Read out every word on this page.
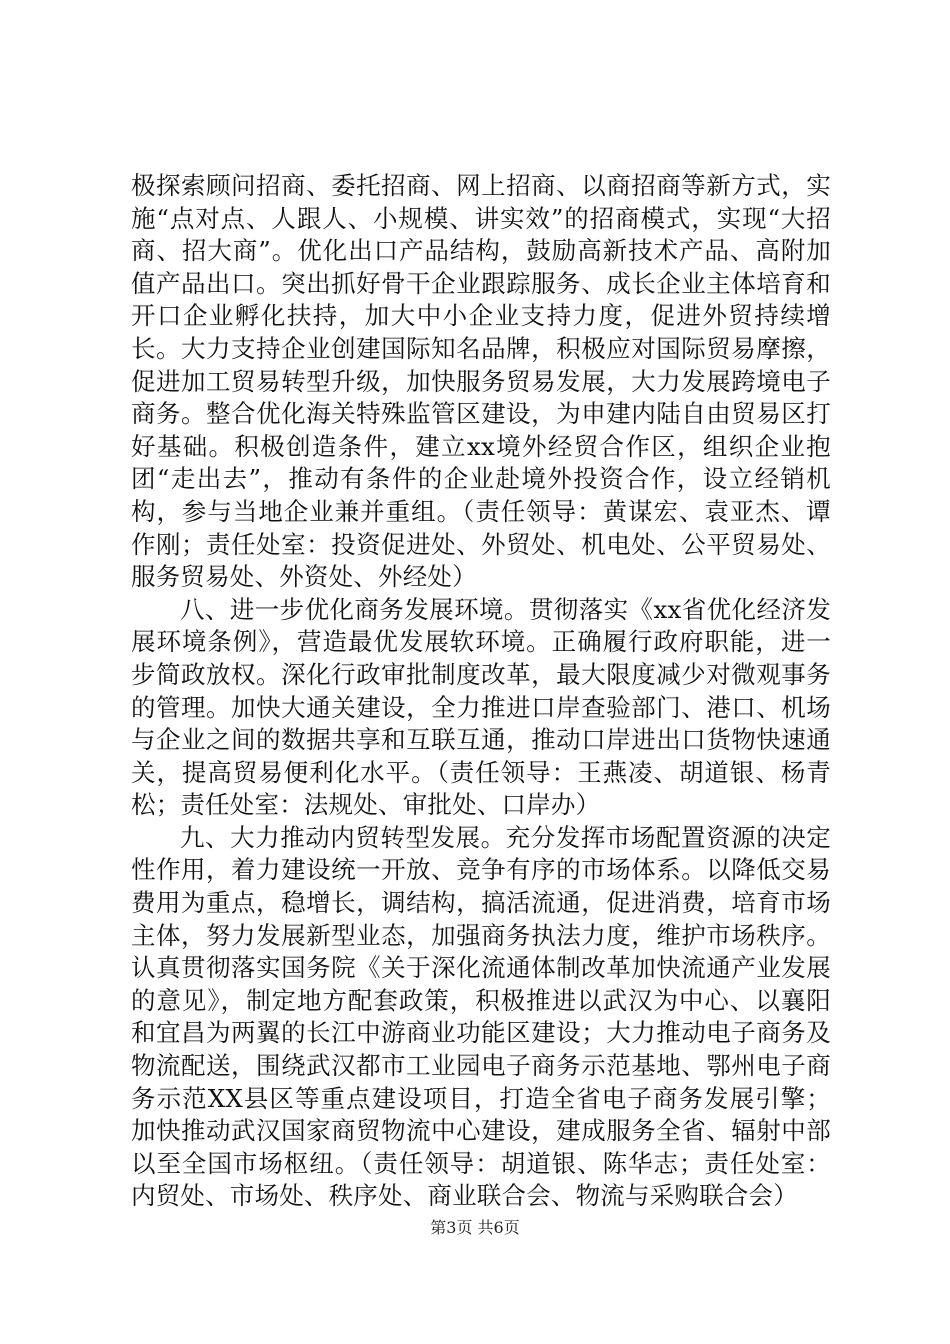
极探索顾问招商、委托招商、网上招商、以商招商等新方式，实施“点对点、人跟人、小规模、讲实效”的招商模式，实现“大招商、招大商”。优化出口产品结构，鼓励高新技术产品、高附加值产品出口。突出抓好骨干企业跟踪服务、成长企业主体培育和开口企业孵化扶持，加大中小企业支持力度，促进外贸持续增长。大力支持企业创建国际知名品牌，积极应对国际贸易摩擦，促进加工贸易转型升级，加快服务贸易发展，大力发展跨境电子商务。整合优化海关特殊监管区建设，为申建内陆自由贸易区打好基础。积极创造条件，建立xx境外经贸合作区，组织企业抱团“走出去”，推动有条件的企业赴境外投资合作，设立经销机构，参与当地企业兼并重组。（责任领导：黄谋宏、袁亚杰、谭作刚；责任处室：投资促进处、外贸处、机电处、公平贸易处、服务贸易处、外资处、外经处）

八、进一步优化商务发展环境。贯彻落实《xx省优化经济发展环境条例》，营造最优发展软环境。正确履行政府职能，进一步简政放权。深化行政审批制度改革，最大限度减少对微观事务的管理。加快大通关建设，全力推进口岸查验部门、港口、机场与企业之间的数据共享和互联互通，推动口岸进出口货物快速通关，提高贸易便利化水平。（责任领导：王燕凌、胡道银、杨青松；责任处室：法规处、审批处、口岸办）

九、大力推动内贸转型发展。充分发挥市场配置资源的决定性作用，着力建设统一开放、竞争有序的市场体系。以降低交易费用为重点，稳增长，调结构，搞活流通，促进消费，培育市场主体，努力发展新型业态，加强商务执法力度，维护市场秩序。认真贯彻落实国务院《关于深化流通体制改革加快流通产业发展的意见》，制定地方配套政策，积极推进以武汉为中心、以襄阳和宜昌为两翼的长江中游商业功能区建设；大力推动电子商务及物流配送，围绕武汉都市工业园电子商务示范基地、鄂州电子商务示范XX县区等重点建设项目，打造全省电子商务发展引擎；加快推动武汉国家商贸物流中心建设，建成服务全省、辐射中部以至全国市场枢纽。（责任领导：胡道银、陈华志；责任处室：内贸处、市场处、秩序处、商业联合会、物流与采购联合会）

第3页 共6页
